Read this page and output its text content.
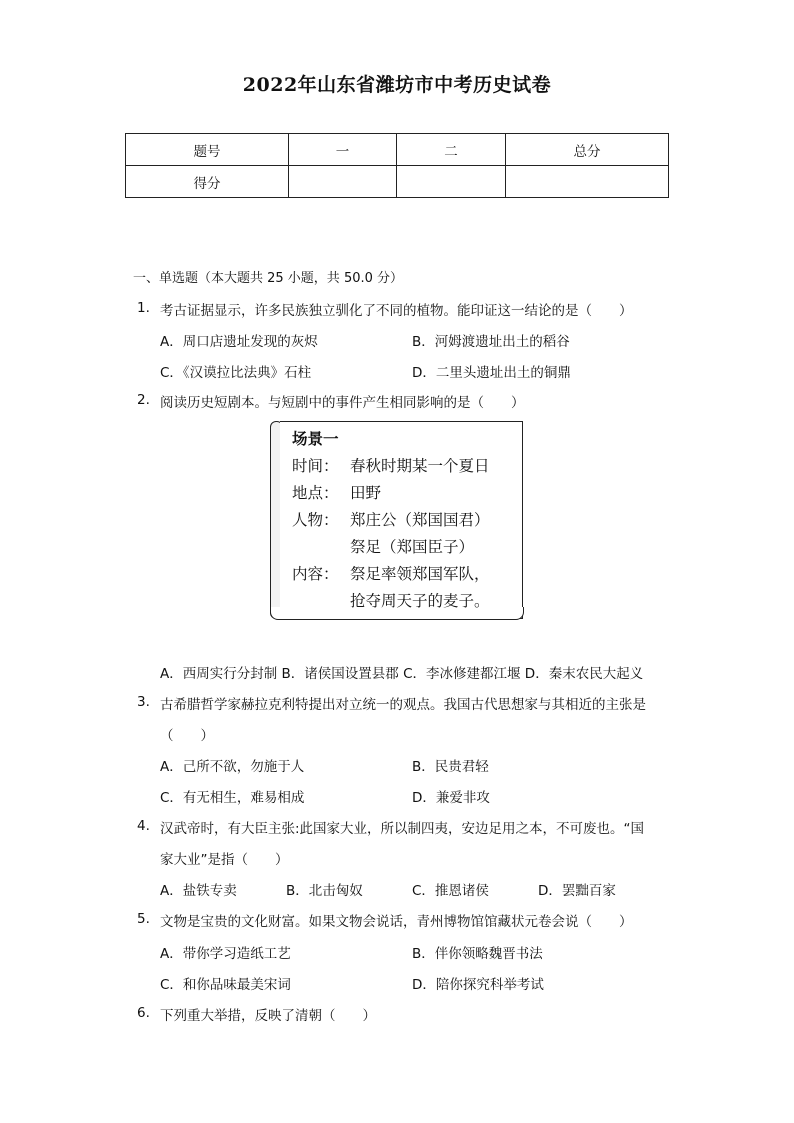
2022年山东省潍坊市中考历史试卷
题号	一	二	总分
得分			
一、单选题（本大题共 25 小题，共 50.0 分）
1. 考古证据显示，许多民族独立驯化了不同的植物。能印证这一结论的是（　　）
A．周口店遗址发现的灰烬	B．河姆渡遗址出土的稻谷
C．《汉谟拉比法典》石柱	D．二里头遗址出土的铜鼎
2. 阅读历史短剧本。与短剧中的事件产生相同影响的是（　　）
场景一
时间： 春秋时期某一个夏日
地点： 田野
人物： 郑庄公（郑国国君）
祭足（郑国臣子）
内容： 祭足率领郑国军队，
抢夺周天子的麦子。
A．西周实行分封制 B．诸侯国设置县郡 C．李冰修建都江堰 D．秦末农民大起义
3. 古希腊哲学家赫拉克利特提出对立统一的观点。我国古代思想家与其相近的主张是
（　　）
A．己所不欲，勿施于人	B．民贵君轻
C．有无相生，难易相成	D．兼爱非攻
4. 汉武帝时，有大臣主张:此国家大业，所以制四夷，安边足用之本，不可废也。“国
家大业”是指（　　）
A．盐铁专卖	B．北击匈奴	C．推恩诸侯	D．罢黜百家
5. 文物是宝贵的文化财富。如果文物会说话，青州博物馆馆藏状元卷会说（　　）
A．带你学习造纸工艺	B．伴你领略魏晋书法
C．和你品味最美宋词	D．陪你探究科举考试
6. 下列重大举措，反映了清朝（　　）
